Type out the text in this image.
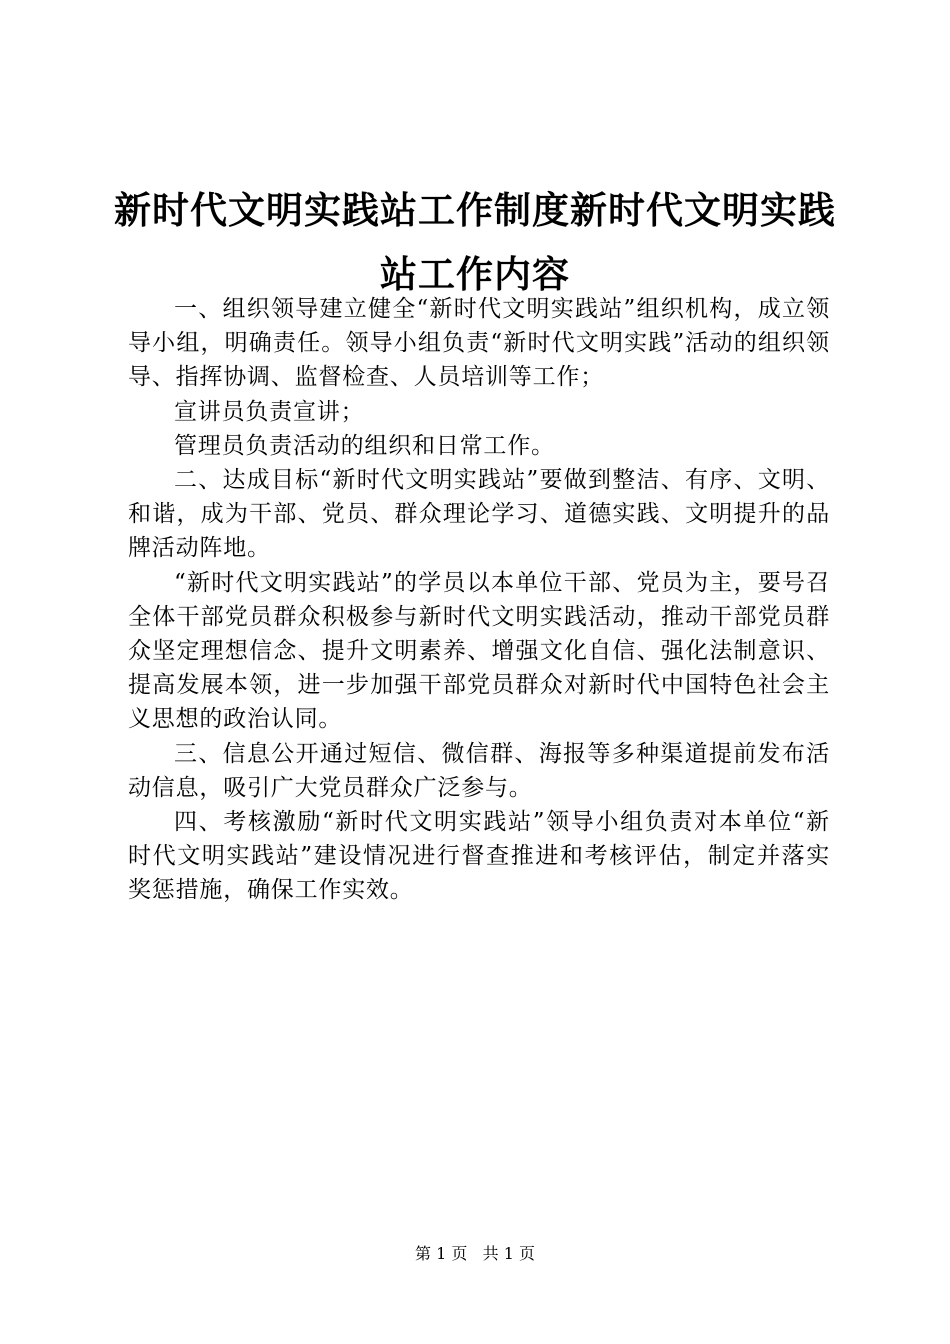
新时代文明实践站工作制度新时代文明实践站工作内容

一、组织领导建立健全“新时代文明实践站”组织机构，成立领导小组，明确责任。领导小组负责“新时代文明实践”活动的组织领导、指挥协调、监督检查、人员培训等工作；

宣讲员负责宣讲；

管理员负责活动的组织和日常工作。

二、达成目标“新时代文明实践站”要做到整洁、有序、文明、和谐，成为干部、党员、群众理论学习、道德实践、文明提升的品牌活动阵地。

“新时代文明实践站”的学员以本单位干部、党员为主，要号召全体干部党员群众积极参与新时代文明实践活动，推动干部党员群众坚定理想信念、提升文明素养、增强文化自信、强化法制意识、提高发展本领，进一步加强干部党员群众对新时代中国特色社会主义思想的政治认同。

三、信息公开通过短信、微信群、海报等多种渠道提前发布活动信息，吸引广大党员群众广泛参与。

四、考核激励“新时代文明实践站”领导小组负责对本单位“新时代文明实践站”建设情况进行督查推进和考核评估，制定并落实奖惩措施，确保工作实效。

第 1 页 共 1 页
